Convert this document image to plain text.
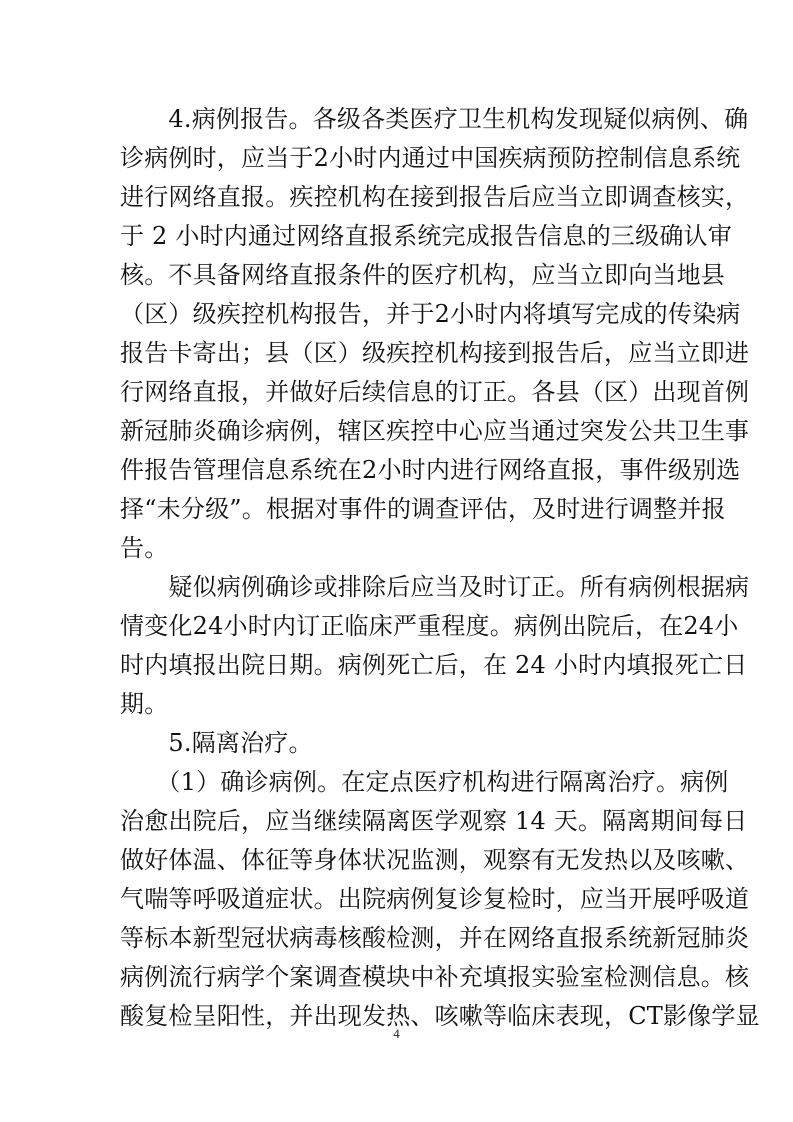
　　4.病例报告。各级各类医疗卫生机构发现疑似病例、确
诊病例时，应当于2小时内通过中国疾病预防控制信息系统
进行网络直报。疾控机构在接到报告后应当立即调查核实，
于 2 小时内通过网络直报系统完成报告信息的三级确认审
核。不具备网络直报条件的医疗机构，应当立即向当地县
（区）级疾控机构报告，并于2小时内将填写完成的传染病
报告卡寄出；县（区）级疾控机构接到报告后，应当立即进
行网络直报，并做好后续信息的订正。各县（区）出现首例
新冠肺炎确诊病例，辖区疾控中心应当通过突发公共卫生事
件报告管理信息系统在2小时内进行网络直报，事件级别选
择“未分级”。根据对事件的调查评估，及时进行调整并报
告。
　　疑似病例确诊或排除后应当及时订正。所有病例根据病
情变化24小时内订正临床严重程度。病例出院后，在24小
时内填报出院日期。病例死亡后，在 24 小时内填报死亡日
期。
　　5.隔离治疗。
　　（1）确诊病例。在定点医疗机构进行隔离治疗。病例
治愈出院后，应当继续隔离医学观察 14 天。隔离期间每日
做好体温、体征等身体状况监测，观察有无发热以及咳嗽、
气喘等呼吸道症状。出院病例复诊复检时，应当开展呼吸道
等标本新型冠状病毒核酸检测，并在网络直报系统新冠肺炎
病例流行病学个案调查模块中补充填报实验室检测信息。核
酸复检呈阳性，并出现发热、咳嗽等临床表现，CT影像学显
4
